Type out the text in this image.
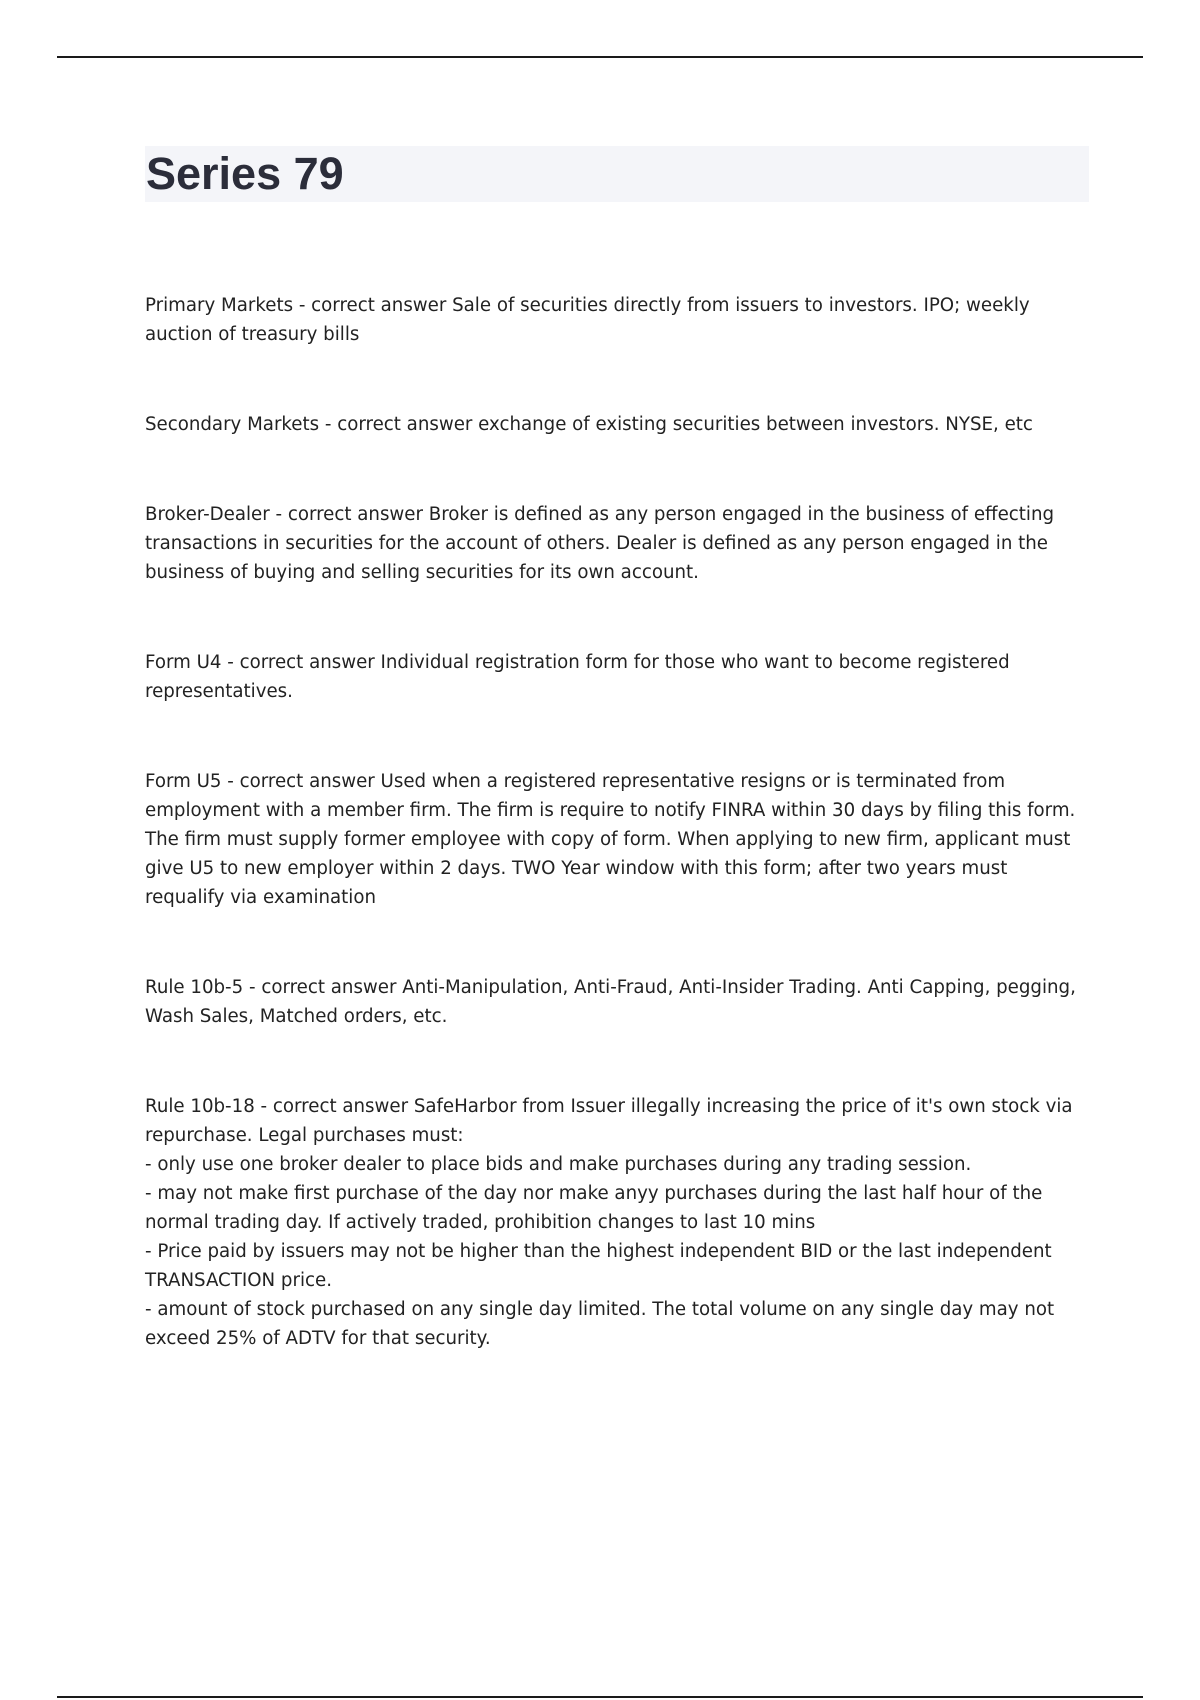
Series 79

Primary Markets - correct answer Sale of securities directly from issuers to investors. IPO; weekly auction of treasury bills

Secondary Markets - correct answer exchange of existing securities between investors. NYSE, etc

Broker-Dealer - correct answer Broker is defined as any person engaged in the business of effecting transactions in securities for the account of others. Dealer is defined as any person engaged in the business of buying and selling securities for its own account.

Form U4 - correct answer Individual registration form for those who want to become registered representatives.

Form U5 - correct answer Used when a registered representative resigns or is terminated from employment with a member firm. The firm is require to notify FINRA within 30 days by filing this form. The firm must supply former employee with copy of form. When applying to new firm, applicant must give U5 to new employer within 2 days. TWO Year window with this form; after two years must requalify via examination

Rule 10b-5 - correct answer Anti-Manipulation, Anti-Fraud, Anti-Insider Trading. Anti Capping, pegging, Wash Sales, Matched orders, etc.

Rule 10b-18 - correct answer SafeHarbor from Issuer illegally increasing the price of it's own stock via repurchase. Legal purchases must:

- only use one broker dealer to place bids and make purchases during any trading session.

- may not make first purchase of the day nor make anyy purchases during the last half hour of the normal trading day. If actively traded, prohibition changes to last 10 mins

- Price paid by issuers may not be higher than the highest independent BID or the last independent TRANSACTION price.

- amount of stock purchased on any single day limited. The total volume on any single day may not exceed 25% of ADTV for that security.
